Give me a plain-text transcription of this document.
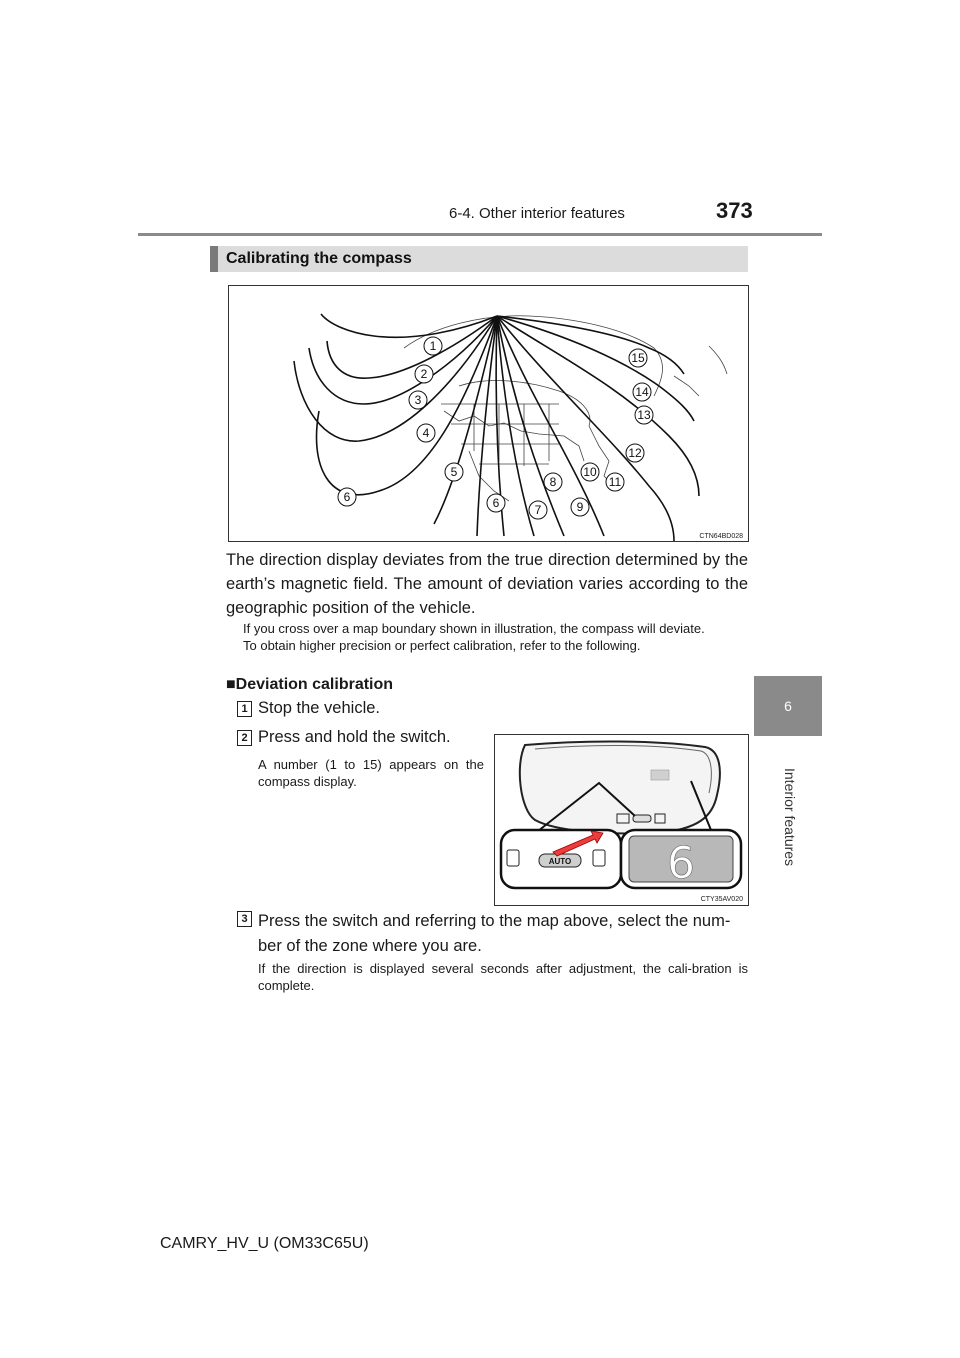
6-4. Other interior features	373
6
Interior features
Calibrating the compass
1
2
3
4
5
6	6	7
8
9
10
11
12
13
14
15
CTN64BD028
The direction display deviates from the true direction determined by the earth’s magnetic field. The amount of deviation varies according to the geographic position of the vehicle.
If you cross over a map boundary shown in illustration, the compass will deviate.
To obtain higher precision or perfect calibration, refer to the following.
■Deviation calibration
1 Stop the vehicle.
2 Press and hold the switch.
A number (1 to 15) appears on the compass display.
AUTO 6
CTY35AV020
3 Press the switch and referring to the map above, select the num-ber of the zone where you are.
If the direction is displayed several seconds after adjustment, the cali-bration is complete.
CAMRY_HV_U (OM33C65U)
